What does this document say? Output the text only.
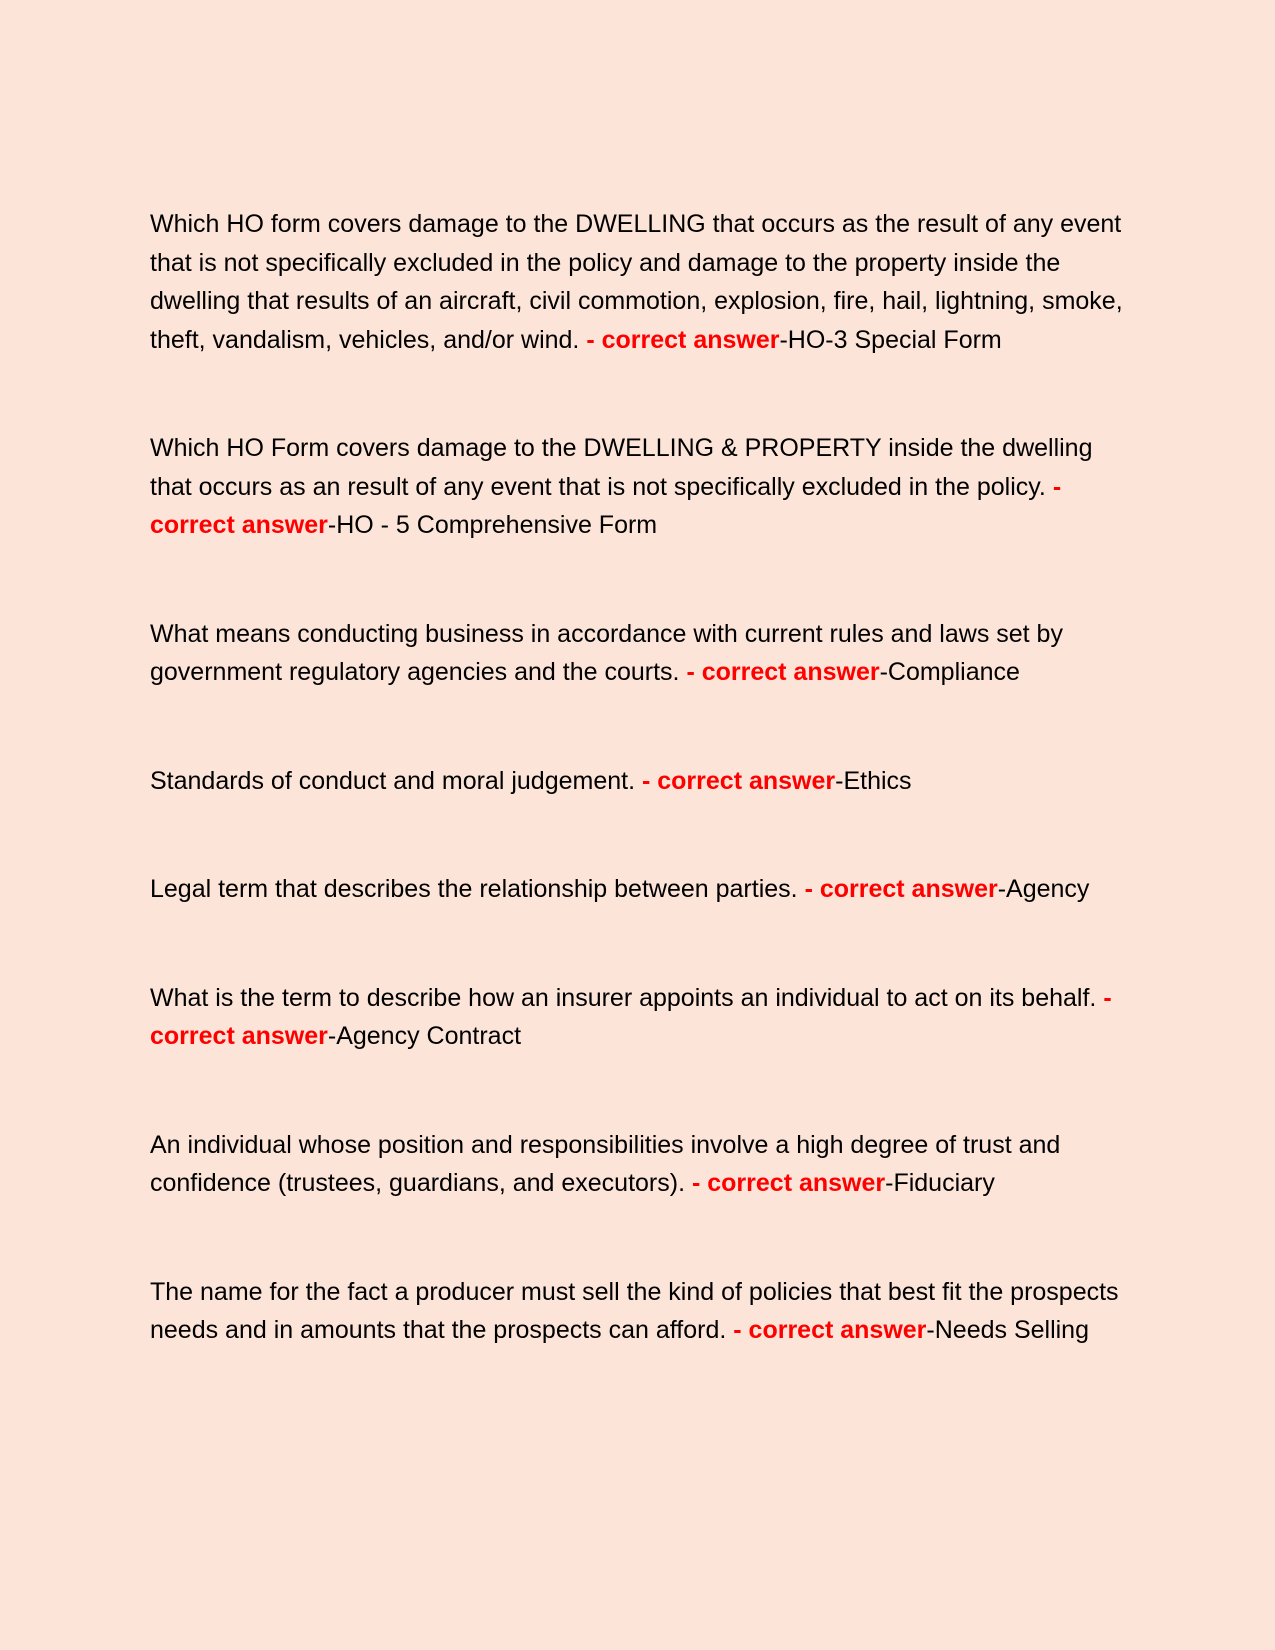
Which HO form covers damage to the DWELLING that occurs as the result of any event that is not specifically excluded in the policy and damage to the property inside the dwelling that results of an aircraft, civil commotion, explosion, fire, hail, lightning, smoke, theft, vandalism, vehicles, and/or wind. - correct answer-HO-3 Special Form

Which HO Form covers damage to the DWELLING & PROPERTY inside the dwelling that occurs as an result of any event that is not specifically excluded in the policy. - correct answer-HO - 5 Comprehensive Form

What means conducting business in accordance with current rules and laws set by government regulatory agencies and the courts. - correct answer-Compliance

Standards of conduct and moral judgement. - correct answer-Ethics

Legal term that describes the relationship between parties. - correct answer-Agency

What is the term to describe how an insurer appoints an individual to act on its behalf. - correct answer-Agency Contract

An individual whose position and responsibilities involve a high degree of trust and confidence (trustees, guardians, and executors). - correct answer-Fiduciary

The name for the fact a producer must sell the kind of policies that best fit the prospects needs and in amounts that the prospects can afford. - correct answer-Needs Selling
